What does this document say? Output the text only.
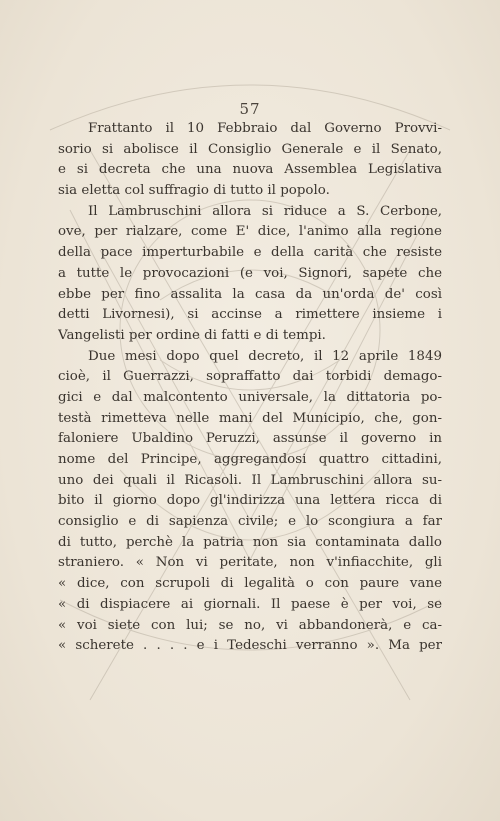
57
Frattanto il 10 Febbraio dal Governo Provvi-
sorio si abolisce il Consiglio Generale e il Senato,
e si decreta che una nuova Assemblea Legislativa
sia eletta col suffragio di tutto il popolo.
Il Lambruschini allora si riduce a S. Cerbone,
ove, per rialzare, come E' dice, l'animo alla regione
della pace imperturbabile e della carità che resiste
a tutte le provocazioni (e voi, Signori, sapete che
ebbe per fino assalita la casa da un'orda de' così
detti Livornesi), si accinse a rimettere insieme i
Vangelisti per ordine di fatti e di tempi.
Due mesi dopo quel decreto, il 12 aprile 1849
cioè, il Guerrazzi, sopraffatto dai torbidi demago-
gici e dal malcontento universale, la dittatoria po-
testà rimetteva nelle mani del Municipio, che, gon-
faloniere Ubaldino Peruzzi, assunse il governo in
nome del Principe, aggregandosi quattro cittadini,
uno dei quali il Ricasoli. Il Lambruschini allora su-
bito il giorno dopo gl'indirizza una lettera ricca di
consiglio e di sapienza civile; e lo scongiura a far
di tutto, perchè la patria non sia contaminata dallo
straniero. « Non vi peritate, non v'infiacchite, gli
« dice, con scrupoli di legalità o con paure vane
« di dispiacere ai giornali. Il paese è per voi, se
« voi siete con lui; se no, vi abbandonerà, e ca-
« scherete . . . . e i Tedeschi verranno ». Ma per
